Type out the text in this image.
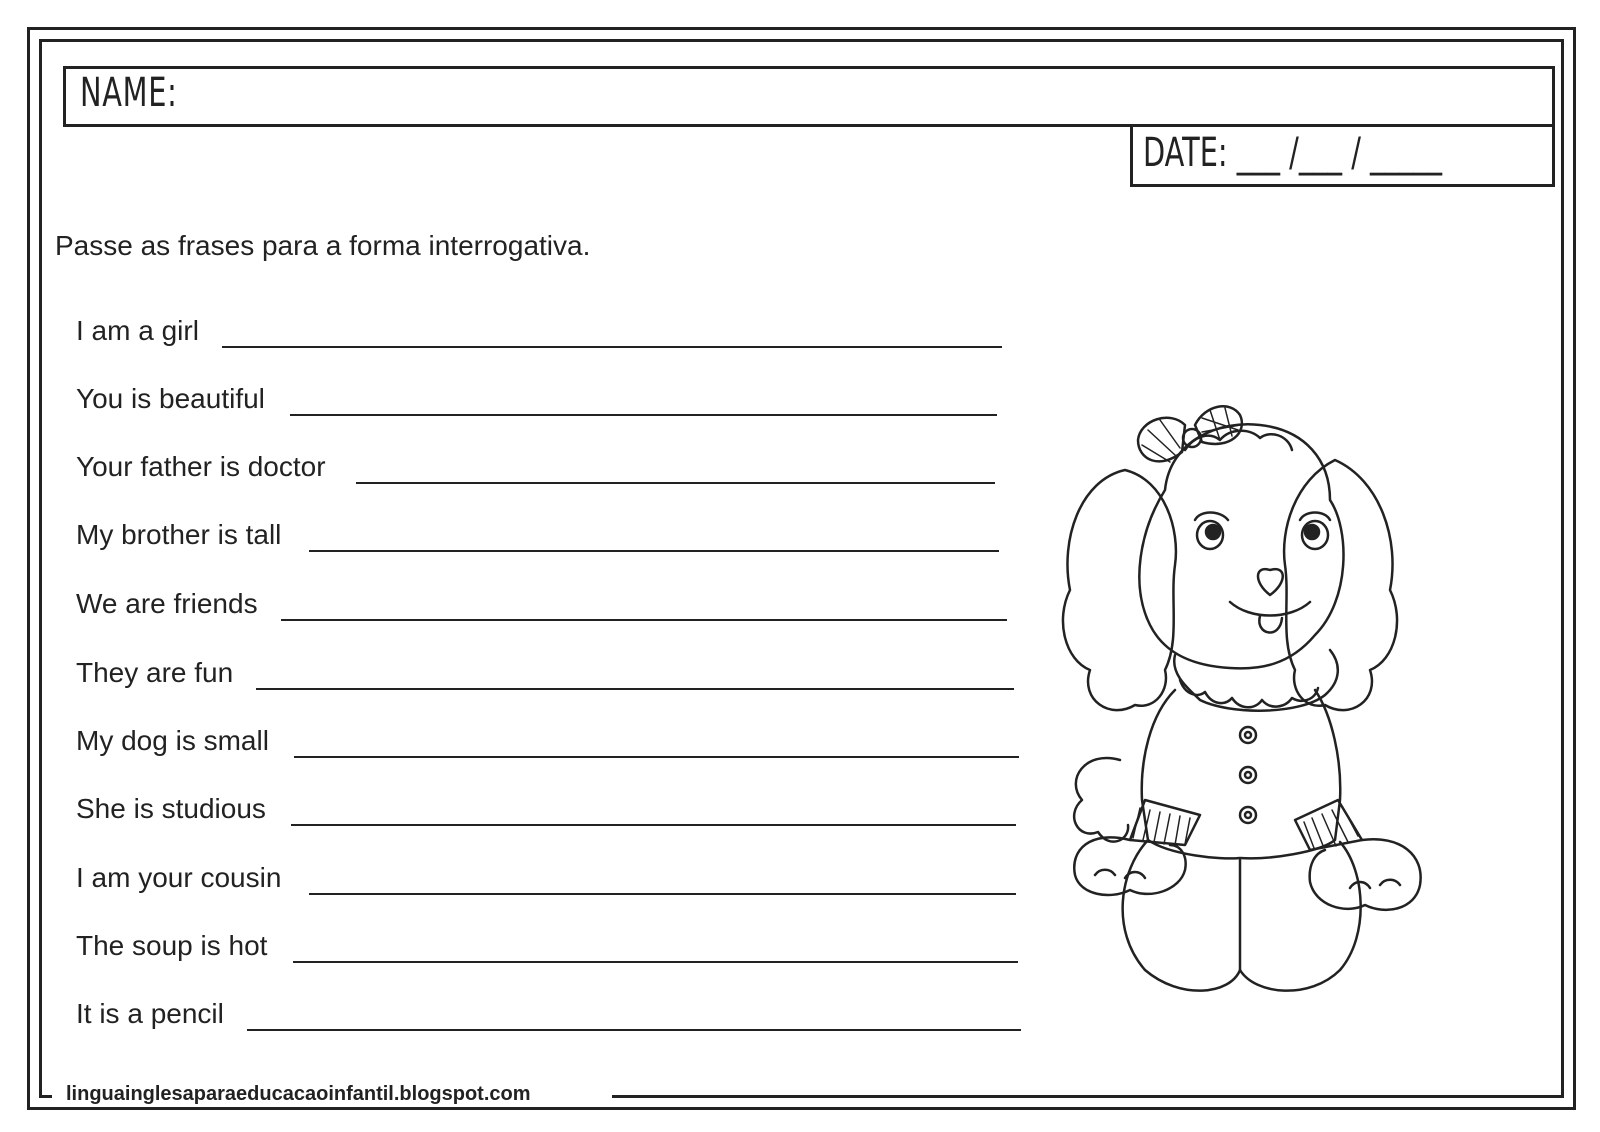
NAME:
DATE: ___ /___ / _____
Passe as frases para a forma interrogativa.
I am a girl
You is beautiful
Your father is doctor
My brother is tall
We are friends
They are fun
My dog is small
She is studious
I am your cousin
The soup is hot
It is a pencil
linguainglesaparaeducacaoinfantil.blogspot.com
